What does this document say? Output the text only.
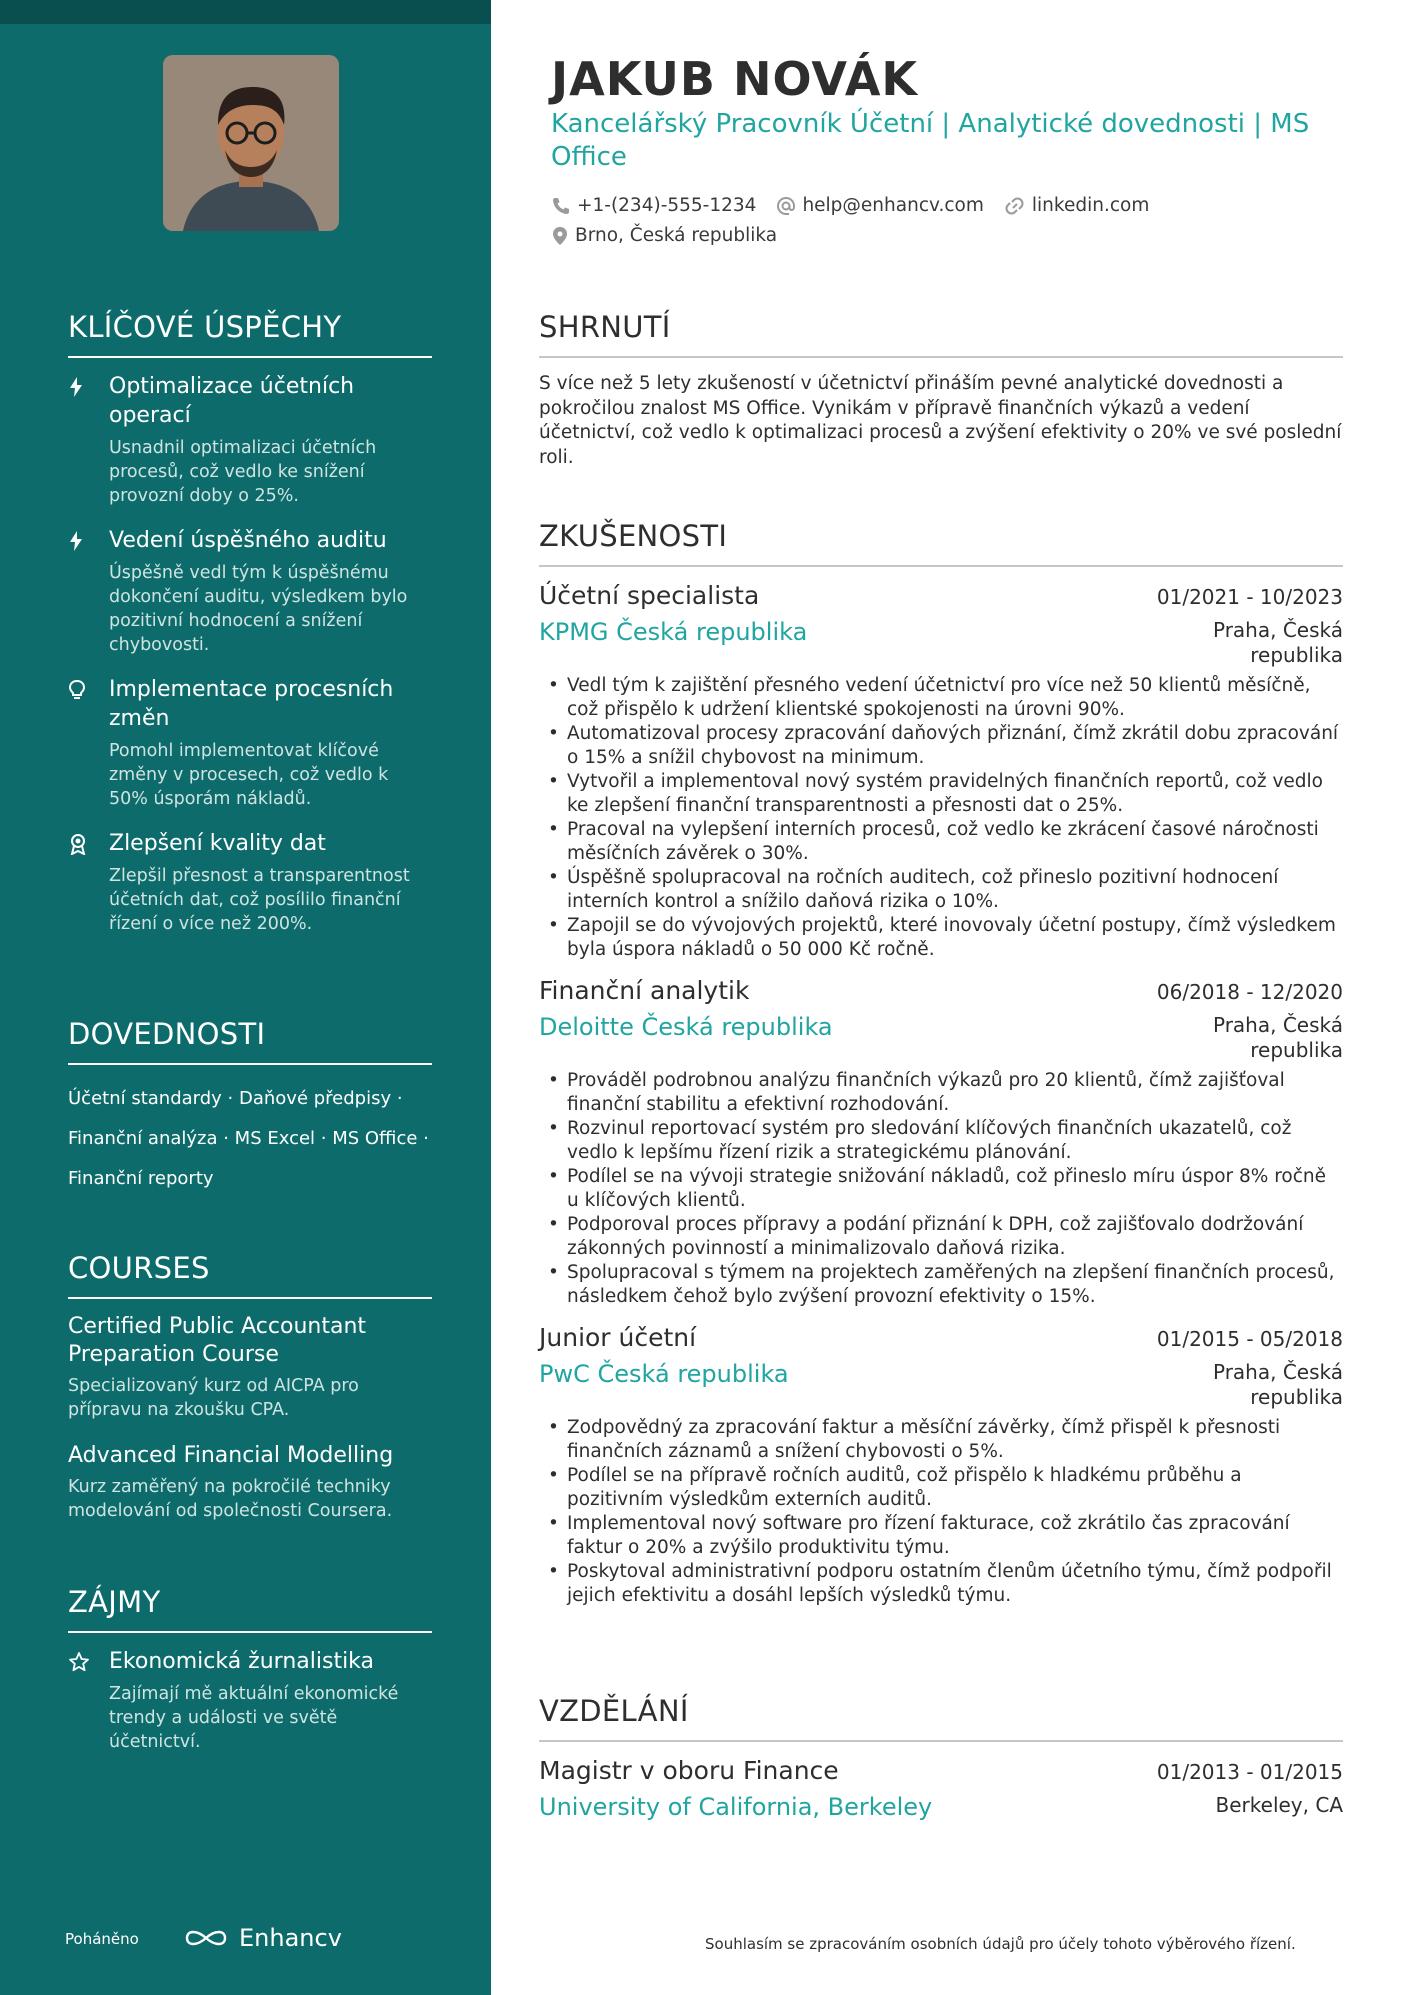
KLÍČOVÉ ÚSPĚCHY
Optimalizace účetních operací
Usnadnil optimalizaci účetních procesů, což vedlo ke snížení provozní doby o 25%.
Vedení úspěšného auditu
Úspěšně vedl tým k úspěšnému dokončení auditu, výsledkem bylo pozitivní hodnocení a snížení chybovosti.
Implementace procesních změn
Pomohl implementovat klíčové změny v procesech, což vedlo k 50% úsporám nákladů.
Zlepšení kvality dat
Zlepšil přesnost a transparentnost účetních dat, což posílilo finanční řízení o více než 200%.
DOVEDNOSTI
Účetní standardy · Daňové předpisy ·
Finanční analýza · MS Excel · MS Office ·
Finanční reporty
COURSES
Certified Public Accountant Preparation Course
Specializovaný kurz od AICPA pro přípravu na zkoušku CPA.
Advanced Financial Modelling
Kurz zaměřený na pokročilé techniky modelování od společnosti Coursera.
ZÁJMY
Ekonomická žurnalistika
Zajímají mě aktuální ekonomické trendy a události ve světě účetnictví.
Poháněno	Enhancv
JAKUB NOVÁK
Kancelářský Pracovník Účetní | Analytické dovednosti | MS Office
+1-(234)-555-1234 help@enhancv.com	linkedin.com
Brno, Česká republika
SHRNUTÍ
S více než 5 lety zkušeností v účetnictví přináším pevné analytické dovednosti a pokročilou znalost MS Office. Vynikám v přípravě finančních výkazů a vedení účetnictví, což vedlo k optimalizaci procesů a zvýšení efektivity o 20% ve své poslední roli.
ZKUŠENOSTI
Účetní specialista	01/2021 - 10/2023
KPMG Česká republika	Praha, Česká republika
• Vedl tým k zajištění přesného vedení účetnictví pro více než 50 klientů měsíčně, což přispělo k udržení klientské spokojenosti na úrovni 90%.
• Automatizoval procesy zpracování daňových přiznání, čímž zkrátil dobu zpracování o 15% a snížil chybovost na minimum.
• Vytvořil a implementoval nový systém pravidelných finančních reportů, což vedlo ke zlepšení finanční transparentnosti a přesnosti dat o 25%.
• Pracoval na vylepšení interních procesů, což vedlo ke zkrácení časové náročnosti měsíčních závěrek o 30%.
• Úspěšně spolupracoval na ročních auditech, což přineslo pozitivní hodnocení interních kontrol a snížilo daňová rizika o 10%.
• Zapojil se do vývojových projektů, které inovovaly účetní postupy, čímž výsledkem byla úspora nákladů o 50 000 Kč ročně.
Finanční analytik	06/2018 - 12/2020
Deloitte Česká republika	Praha, Česká republika
• Prováděl podrobnou analýzu finančních výkazů pro 20 klientů, čímž zajišťoval finanční stabilitu a efektivní rozhodování.
• Rozvinul reportovací systém pro sledování klíčových finančních ukazatelů, což vedlo k lepšímu řízení rizik a strategickému plánování.
• Podílel se na vývoji strategie snižování nákladů, což přineslo míru úspor 8% ročně u klíčových klientů.
• Podporoval proces přípravy a podání přiznání k DPH, což zajišťovalo dodržování zákonných povinností a minimalizovalo daňová rizika.
• Spolupracoval s týmem na projektech zaměřených na zlepšení finančních procesů, následkem čehož bylo zvýšení provozní efektivity o 15%.
Junior účetní	01/2015 - 05/2018
PwC Česká republika	Praha, Česká republika
• Zodpovědný za zpracování faktur a měsíční závěrky, čímž přispěl k přesnosti finančních záznamů a snížení chybovosti o 5%.
• Podílel se na přípravě ročních auditů, což přispělo k hladkému průběhu a pozitivním výsledkům externích auditů.
• Implementoval nový software pro řízení fakturace, což zkrátilo čas zpracování faktur o 20% a zvýšilo produktivitu týmu.
• Poskytoval administrativní podporu ostatním členům účetního týmu, čímž podpořil jejich efektivitu a dosáhl lepších výsledků týmu.
VZDĚLÁNÍ
Magistr v oboru Finance	01/2013 - 01/2015
University of California, Berkeley	Berkeley, CA
Souhlasím se zpracováním osobních údajů pro účely tohoto výběrového řízení.
